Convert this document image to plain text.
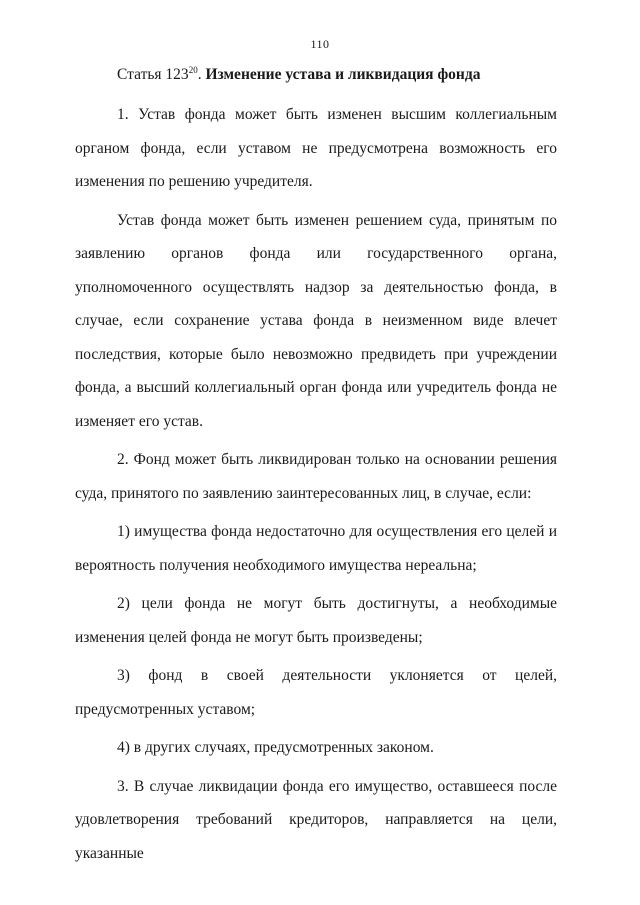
110
Статья $123^{20}$. Изменение устава и ликвидация фонда

1. Устав фонда может быть изменен высшим коллегиальным органом фонда, если уставом не предусмотрена возможность его изменения по решению учредителя.

Устав фонда может быть изменен решением суда, принятым по заявлению органов фонда или государственного органа, уполномоченного осуществлять надзор за деятельностью фонда, в случае, если сохранение устава фонда в неизменном виде влечет последствия, которые было невозможно предвидеть при учреждении фонда, а высший коллегиальный орган фонда или учредитель фонда не изменяет его устав.

2. Фонд может быть ликвидирован только на основании решения суда, принятого по заявлению заинтересованных лиц, в случае, если:

1) имущества фонда недостаточно для осуществления его целей и вероятность получения необходимого имущества нереальна;

2) цели фонда не могут быть достигнуты, а необходимые изменения целей фонда не могут быть произведены;

3) фонд в своей деятельности уклоняется от целей, предусмотренных уставом;

4) в других случаях, предусмотренных законом.

3. В случае ликвидации фонда его имущество, оставшееся после удовлетворения требований кредиторов, направляется на цели, указанные
